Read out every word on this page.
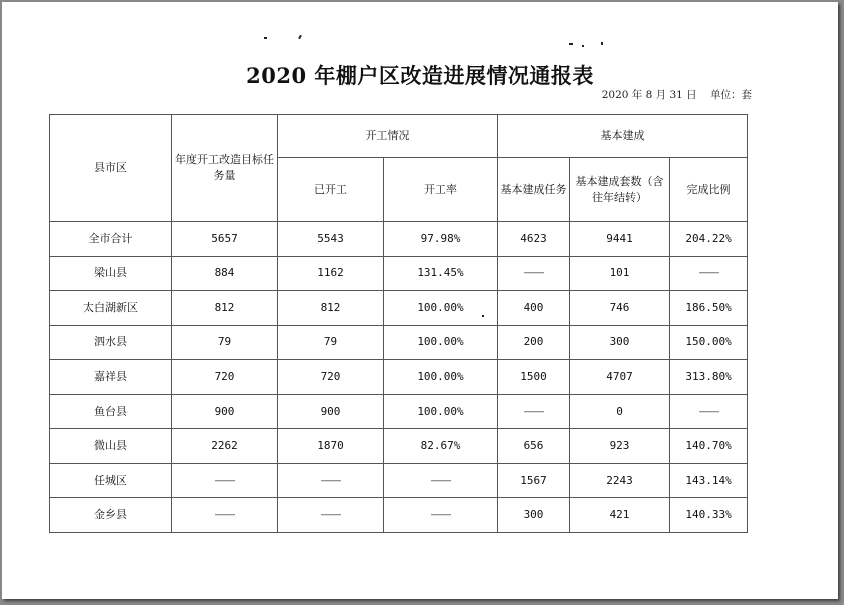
2020 年棚户区改造进展情况通报表
2020 年 8 月 31 日 单位：套
县市区	年度开工改造目标任务量	开工情况		基本建成		
		已开工	开工率	基本建成任务	基本建成套数（含往年结转）	完成比例
全市合计	5657	5543	97.98%	4623	9441	204.22%
梁山县	884	1162	131.45%	——	101	——
太白湖新区	812	812	100.00%	400	746	186.50%
泗水县	79	79	100.00%	200	300	150.00%
嘉祥县	720	720	100.00%	1500	4707	313.80%
鱼台县	900	900	100.00%	——	0	——
微山县	2262	1870	82.67%	656	923	140.70%
任城区	——	——	——	1567	2243	143.14%
金乡县	——	——	——	300	421	140.33%
